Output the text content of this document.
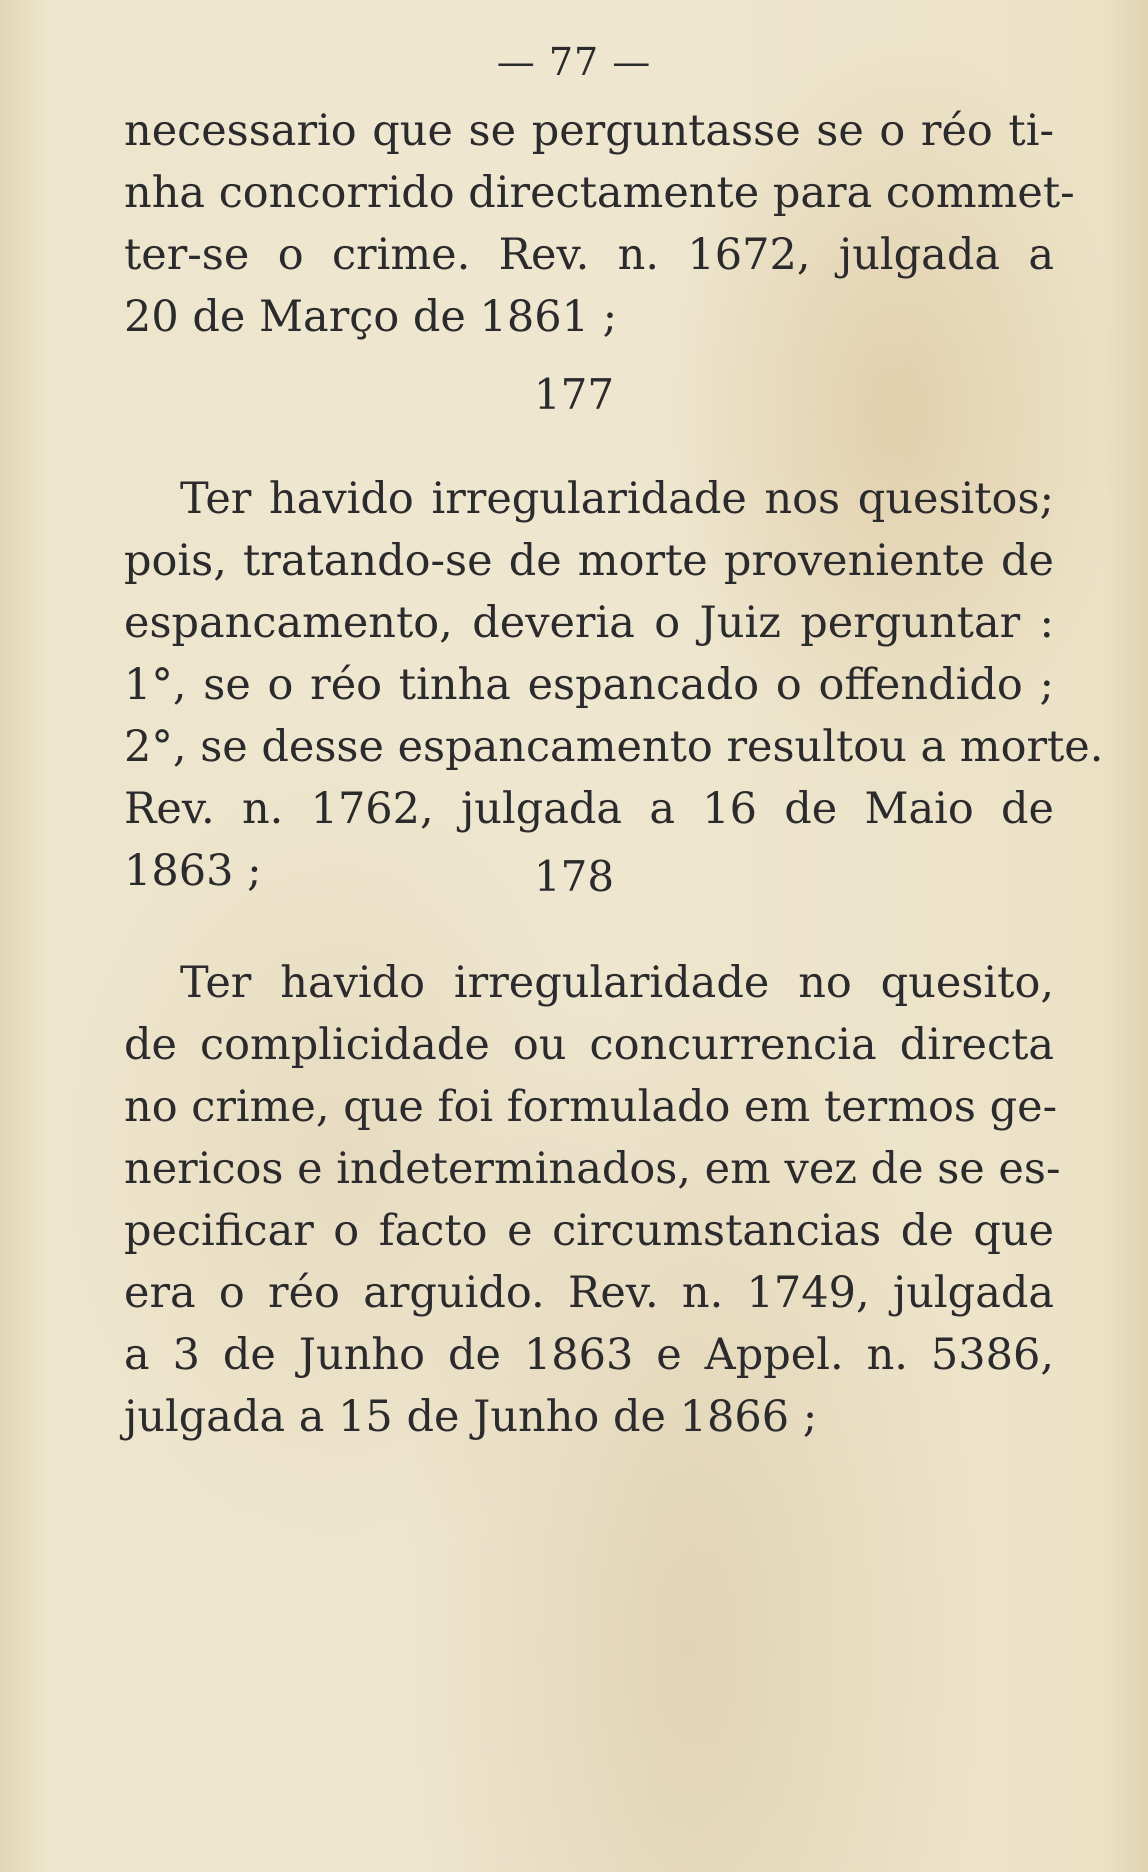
— 77 —
necessario que se perguntasse se o réo ti-
nha concorrido directamente para commet-
ter-se o crime. Rev. n. 1672, julgada a
20 de Março de 1861 ;
177
Ter havido irregularidade nos quesitos;
pois, tratando-se de morte proveniente de
espancamento, deveria o Juiz perguntar :
1°, se o réo tinha espancado o offendido ;
2°, se desse espancamento resultou a morte.
Rev. n. 1762, julgada a 16 de Maio de
1863 ;	178
Ter havido irregularidade no quesito,
de complicidade ou concurrencia directa
no crime, que foi formulado em termos ge-
nericos e indeterminados, em vez de se es-
pecificar o facto e circumstancias de que
era o réo arguido. Rev. n. 1749, julgada
a 3 de Junho de 1863 e Appel. n. 5386,
julgada a 15 de Junho de 1866 ;
